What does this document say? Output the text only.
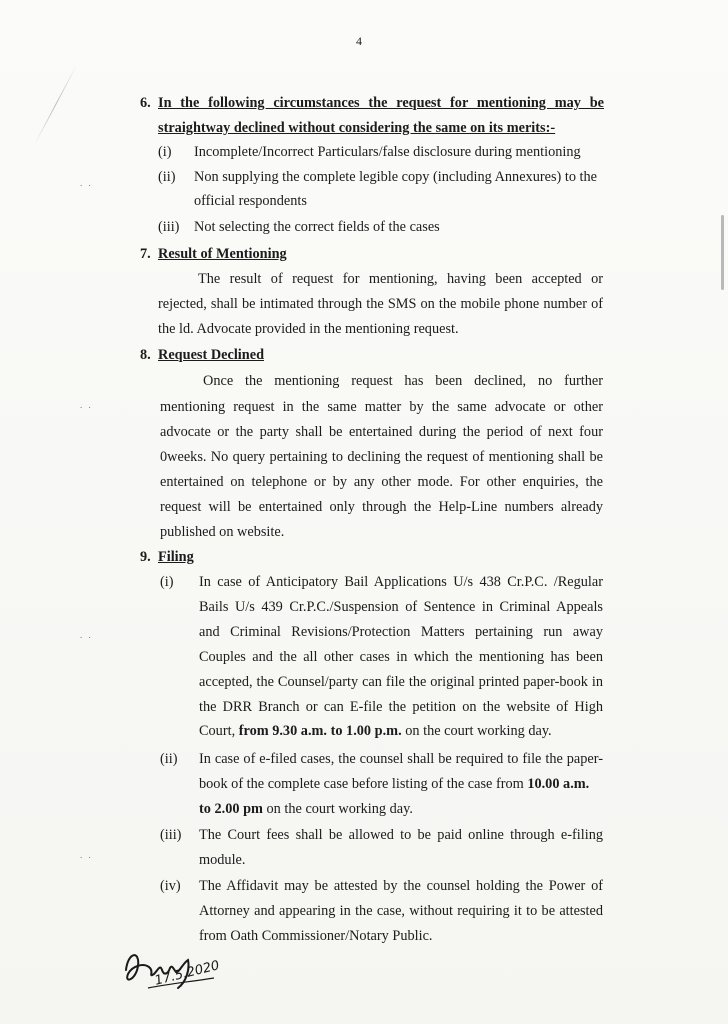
4
6. In the following circumstances the request for mentioning may be
straightway declined without considering the same on its merits:-
(i) Incomplete/Incorrect Particulars/false disclosure during mentioning
(ii) Non supplying the complete legible copy (including Annexures) to the
official respondents
(iii) Not selecting the correct fields of the cases
7. Result of Mentioning
The result of request for mentioning, having been accepted or
rejected, shall be intimated through the SMS on the mobile phone number of
the ld. Advocate provided in the mentioning request.
8. Request Declined
Once the mentioning request has been declined, no further
mentioning request in the same matter by the same advocate or other
advocate or the party shall be entertained during the period of next four
0weeks. No query pertaining to declining the request of mentioning shall be
entertained on telephone or by any other mode. For other enquiries, the
request will be entertained only through the Help-Line numbers already
published on website.
9. Filing
(i) In case of Anticipatory Bail Applications U/s 438 Cr.P.C. /Regular
Bails U/s 439 Cr.P.C./Suspension of Sentence in Criminal Appeals
and Criminal Revisions/Protection Matters pertaining run away
Couples and the all other cases in which the mentioning has been
accepted, the Counsel/party can file the original printed paper-book in
the DRR Branch or can E-file the petition on the website of High
Court, from 9.30 a.m. to 1.00 p.m. on the court working day.
(ii) In case of e-filed cases, the counsel shall be required to file the paper-
book of the complete case before listing of the case from 10.00 a.m.
to 2.00 pm on the court working day.
(iii) The Court fees shall be allowed to be paid online through e-filing
module.
(iv) The Affidavit may be attested by the counsel holding the Power of
Attorney and appearing in the case, without requiring it to be attested
from Oath Commissioner/Notary Public.
. .
. .
. .
. .
17.5.2020
